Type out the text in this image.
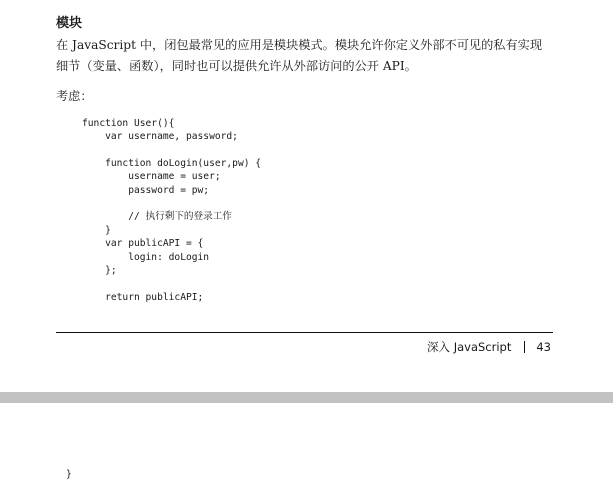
模块

在 JavaScript 中，闭包最常见的应用是模块模式。模块允许你定义外部不可见的私有实现
细节（变量、函数），同时也可以提供允许从外部访问的公开 API。

考虑：

function User(){
var username, password;
function doLogin(user,pw) {
username = user;
password = pw;
// 执行剩下的登录工作
}
var publicAPI = {
login: doLogin
};
return publicAPI;
深入 JavaScript 43
}
